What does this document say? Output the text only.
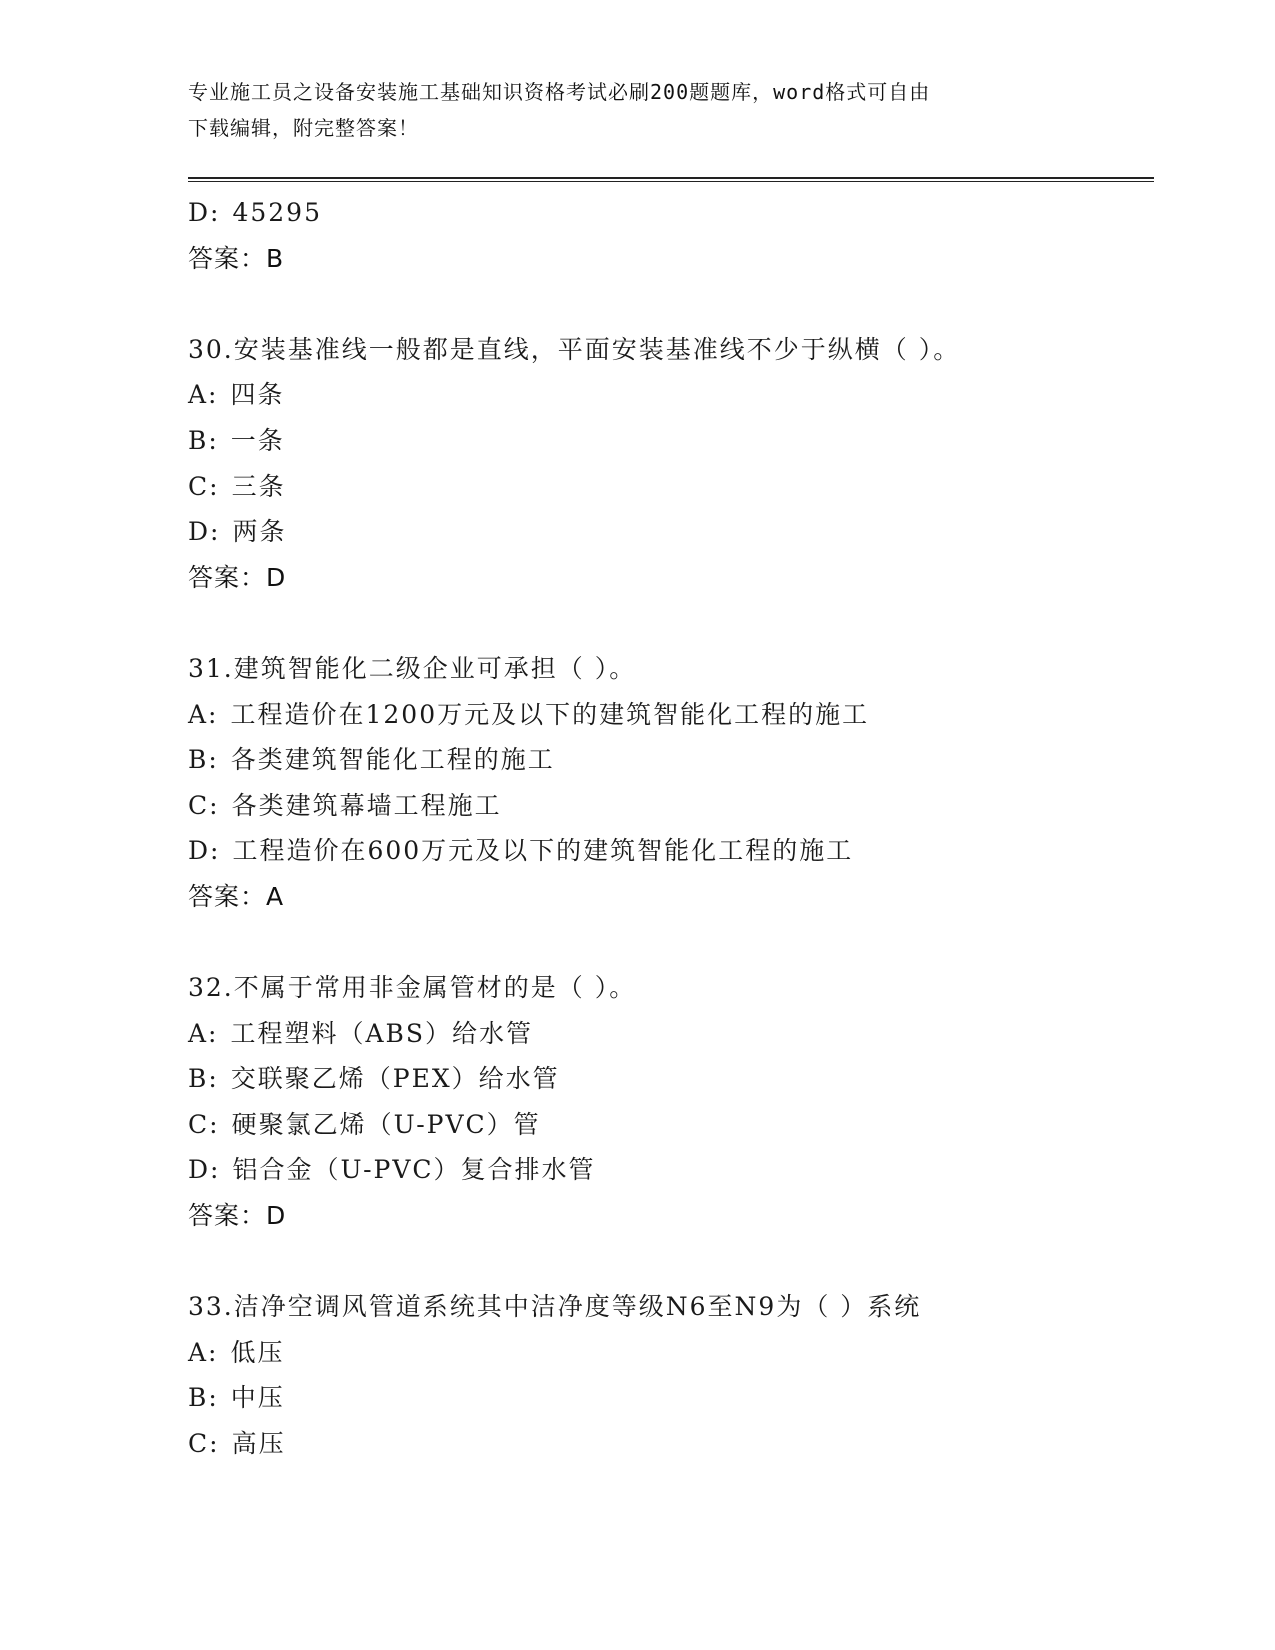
专业施工员之设备安装施工基础知识资格考试必刷200题题库，word格式可自由
下载编辑，附完整答案！
D: 45295
答案：B
30.安装基准线一般都是直线，平面安装基准线不少于纵横（ ）。
A: 四条
B: 一条
C: 三条
D: 两条
答案：D
31.建筑智能化二级企业可承担（ ）。
A: 工程造价在1200万元及以下的建筑智能化工程的施工
B: 各类建筑智能化工程的施工
C: 各类建筑幕墙工程施工
D: 工程造价在600万元及以下的建筑智能化工程的施工
答案：A
32.不属于常用非金属管材的是（ ）。
A: 工程塑料（ABS）给水管
B: 交联聚乙烯（PEX）给水管
C: 硬聚氯乙烯（U-PVC）管
D: 铝合金（U-PVC）复合排水管
答案：D
33.洁净空调风管道系统其中洁净度等级N6至N9为（ ）系统
A: 低压
B: 中压
C: 高压
